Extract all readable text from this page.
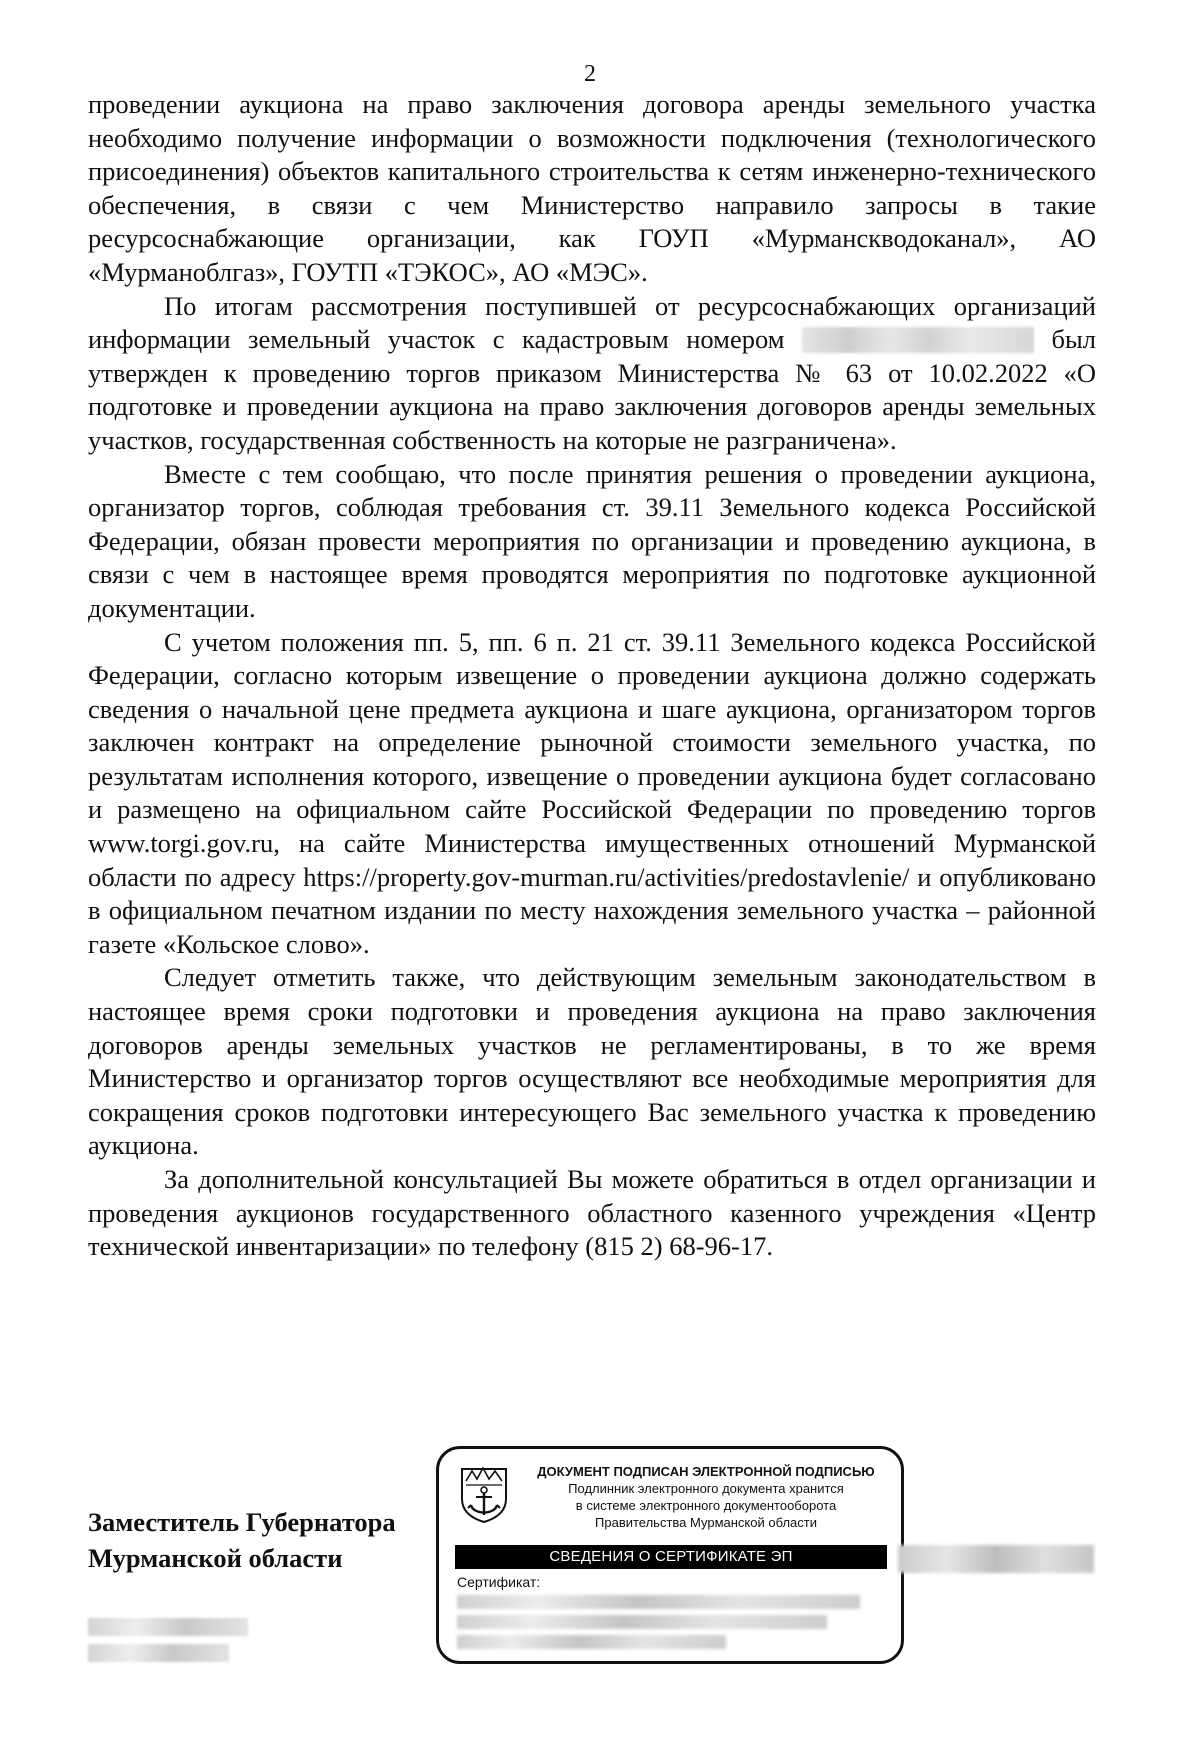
2

проведении аукциона на право заключения договора аренды земельного участка необходимо получение информации о возможности подключения (технологического присоединения) объектов капитального строительства к сетям инженерно-технического обеспечения, в связи с чем Министерство направило запросы в такие ресурсоснабжающие организации, как ГОУП «Мурманскводоканал», АО «Мурманоблгаз», ГОУТП «ТЭКОС», АО «МЭС».

По итогам рассмотрения поступившей от ресурсоснабжающих организаций информации земельный участок с кадастровым номером	был утвержден к проведению торгов приказом Министерства № 63 от 10.02.2022 «О подготовке и проведении аукциона на право заключения договоров аренды земельных участков, государственная собственность на которые не разграничена».

Вместе с тем сообщаю, что после принятия решения о проведении аукциона, организатор торгов, соблюдая требования ст. 39.11 Земельного кодекса Российской Федерации, обязан провести мероприятия по организации и проведению аукциона, в связи с чем в настоящее время проводятся мероприятия по подготовке аукционной документации.

С учетом положения пп. 5, пп. 6 п. 21 ст. 39.11 Земельного кодекса Российской Федерации, согласно которым извещение о проведении аукциона должно содержать сведения о начальной цене предмета аукциона и шаге аукциона, организатором торгов заключен контракт на определение рыночной стоимости земельного участка, по результатам исполнения которого, извещение о проведении аукциона будет согласовано и размещено на официальном сайте Российской Федерации по проведению торгов www.torgi.gov.ru, на сайте Министерства имущественных отношений Мурманской области по адресу https://property.gov-murman.ru/activities/predostavlenie/ и опубликовано в официальном печатном издании по месту нахождения земельного участка – районной газете «Кольское слово».

Следует отметить также, что действующим земельным законодательством в настоящее время сроки подготовки и проведения аукциона на право заключения договоров аренды земельных участков не регламентированы, в то же время Министерство и организатор торгов осуществляют все необходимые мероприятия для сокращения сроков подготовки интересующего Вас земельного участка к проведению аукциона.

За дополнительной консультацией Вы можете обратиться в отдел организации и проведения аукционов государственного областного казенного учреждения «Центр технической инвентаризации» по телефону (815 2) 68-96-17.

Заместитель Губернатора
Мурманской области
ДОКУМЕНТ ПОДПИСАН ЭЛЕКТРОННОЙ ПОДПИСЬЮ
Подлинник электронного документа хранится
в системе электронного документооборота
Правительства Мурманской области
СВЕДЕНИЯ О СЕРТИФИКАТЕ ЭП
Сертификат:
